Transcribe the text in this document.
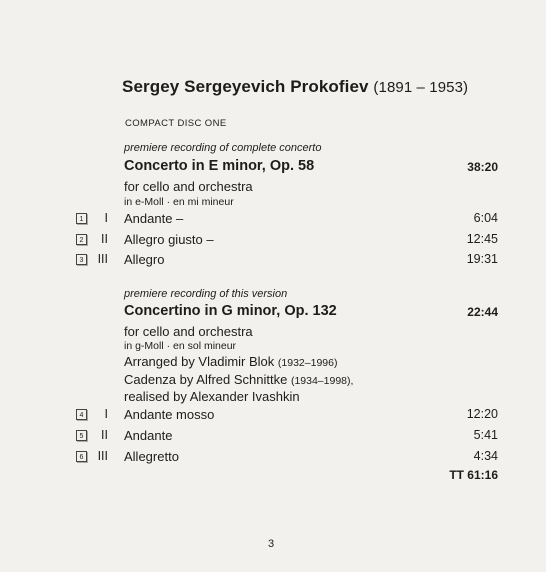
Sergey Sergeyevich Prokofiev (1891 – 1953)
COMPACT DISC ONE
premiere recording of complete concerto
Concerto in E minor, Op. 58	38:20
for cello and orchestra
in e-Moll · en mi mineur
1	I Andante –	6:04
2	II Allegro giusto –	12:45
3	III Allegro	19:31
premiere recording of this version
Concertino in G minor, Op. 132	22:44
for cello and orchestra
in g-Moll · en sol mineur
Arranged by Vladimir Blok (1932–1996)
Cadenza by Alfred Schnittke (1934–1998),
realised by Alexander Ivashkin
4	I Andante mosso	12:20
5	II Andante	5:41
6	III Allegretto	4:34
TT 61:16
3
